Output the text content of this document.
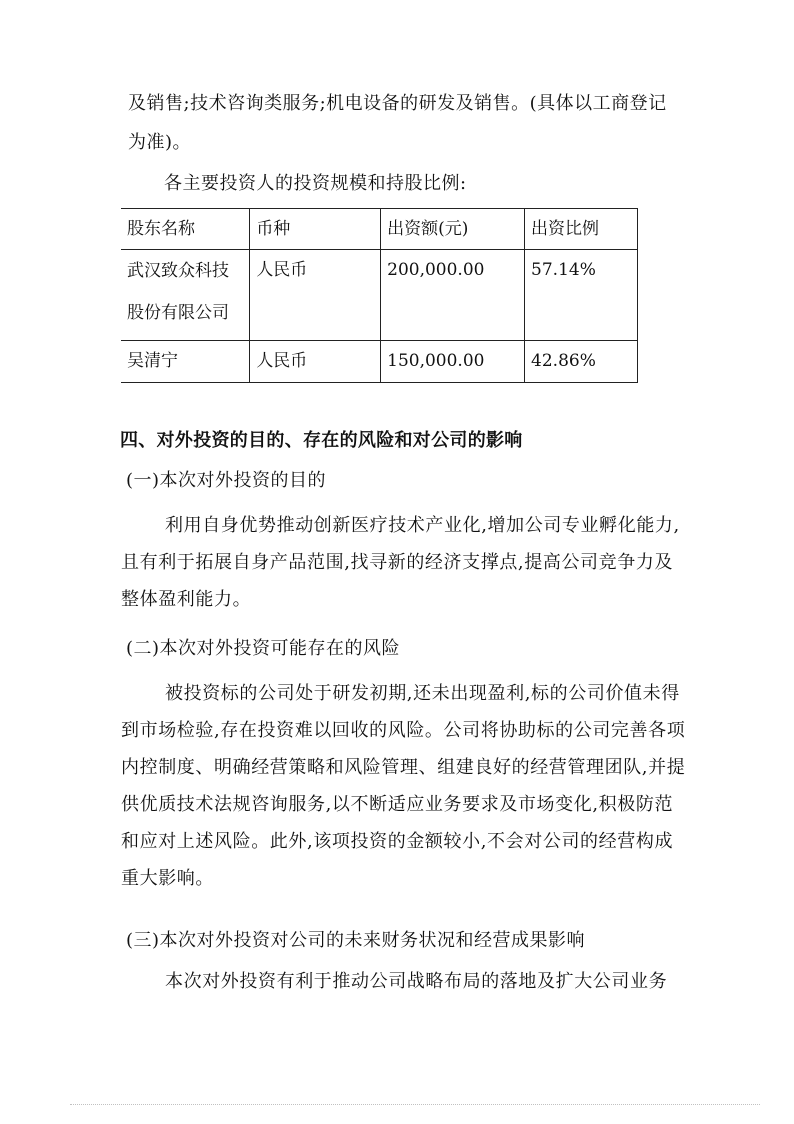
及销售;技术咨询类服务;机电设备的研发及销售。(具体以工商登记
为准)。
各主要投资人的投资规模和持股比例:
股东名称	币种	出资额(元)	出资比例
武汉致众科技股份有限公司	人民币	200,000.00	57.14%
吴清宁	人民币	150,000.00	42.86%
四、对外投资的目的、存在的风险和对公司的影响
(一)本次对外投资的目的
利用自身优势推动创新医疗技术产业化,增加公司专业孵化能力,且有利于拓展自身产品范围,找寻新的经济支撑点,提高公司竞争力及整体盈利能力。
(二)本次对外投资可能存在的风险
被投资标的公司处于研发初期,还未出现盈利,标的公司价值未得到市场检验,存在投资难以回收的风险。公司将协助标的公司完善各项内控制度、明确经营策略和风险管理、组建良好的经营管理团队,并提供优质技术法规咨询服务,以不断适应业务要求及市场变化,积极防范和应对上述风险。此外,该项投资的金额较小,不会对公司的经营构成重大影响。
(三)本次对外投资对公司的未来财务状况和经营成果影响
本次对外投资有利于推动公司战略布局的落地及扩大公司业务
